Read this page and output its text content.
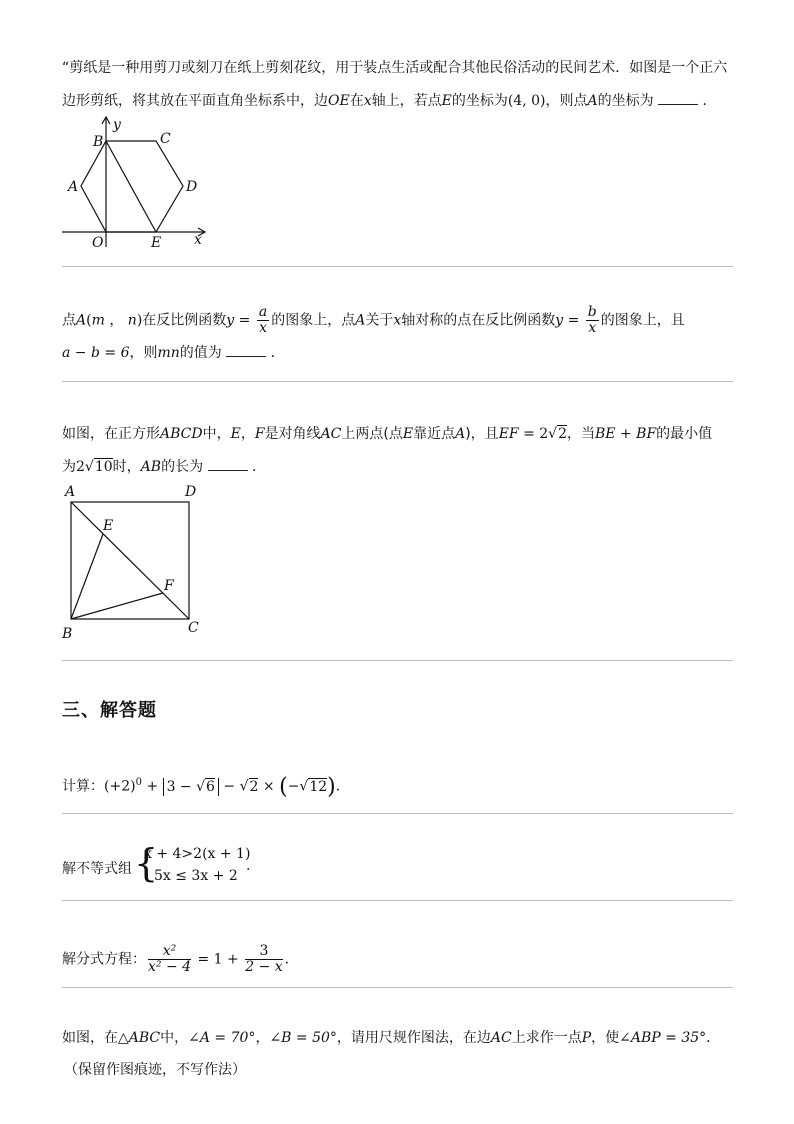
“剪纸是一种用剪刀或刻刀在纸上剪刻花纹，用于装点生活或配合其他民俗活动的民间艺术．如图是一个正六
边形剪纸，将其放在平面直角坐标系中，边OE在x轴上，若点E的坐标为(4, 0)，则点A的坐标为	．
B	C
D
A
O	E x
y
点A(m ， n)在反比例函数$y = \frac{a}{x}$ 的图象上，点A关于x轴对称的点在反比例函数$y = \frac{b}{x}$ 的图象上，且
a − b = 6，则mn的值为	．
如图，在正方形ABCD中，E，F是对角线AC上两点(点E靠近点A)，且EF = 2√2，当BE + BF的最小值
为2√10时，AB的长为	．
A	D
E
F
B	C
三、解答题
计算：$(+2)^0 + 3 - √6 - √2 \times (-√12)$.
解不等式组 {
x + 4>2(x + 1)
5x ≤ 3x + 2
.
解分式方程： $\frac{\text{x²}}{\text{x² − 4}} = 1 + \frac{3}{2 - x}$ .
如图，在△ABC中，∠A = 70°，∠B = 50°，请用尺规作图法，在边AC上求作一点P，使∠ABP = 35°．
（保留作图痕迹，不写作法）
